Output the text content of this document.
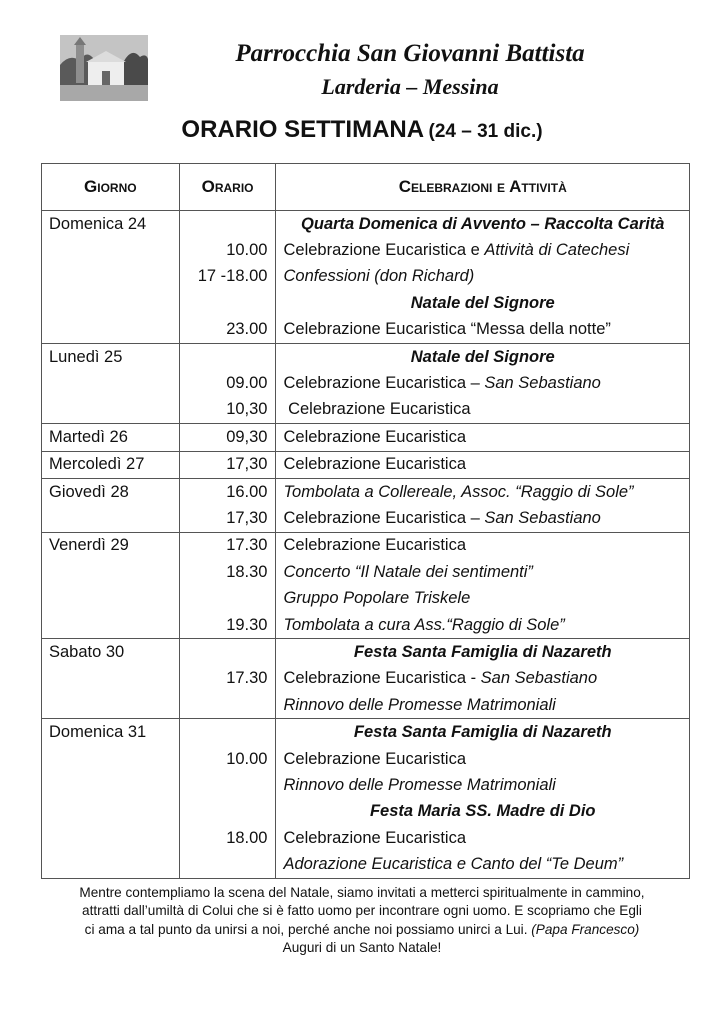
Parrocchia San Giovanni Battista
Larderia – Messina
ORARIO SETTIMANA (24 – 31 dic.)
Giorno	Orario	Celebrazioni e Attività
Domenica 24		Quarta Domenica di Avvento – Raccolta Carità
	10.00	Celebrazione Eucaristica e Attività di Catechesi
	17 -18.00	Confessioni (don Richard)
		Natale del Signore
	23.00	Celebrazione Eucaristica “Messa della notte”
Lunedì 25		Natale del Signore
	09.00	Celebrazione Eucaristica – San Sebastiano
	10,30	Celebrazione Eucaristica
Martedì 26	09,30	Celebrazione Eucaristica
Mercoledì 27	17,30	Celebrazione Eucaristica
Giovedì 28	16.00	Tombolata a Collereale, Assoc. “Raggio di Sole”
	17,30	Celebrazione Eucaristica – San Sebastiano
Venerdì 29	17.30	Celebrazione Eucaristica
	18.30	Concerto “Il Natale dei sentimenti”
		Gruppo Popolare Triskele
	19.30	Tombolata a cura Ass.“Raggio di Sole”
Sabato 30		Festa Santa Famiglia di Nazareth
	17.30	Celebrazione Eucaristica - San Sebastiano
		Rinnovo delle Promesse Matrimoniali
Domenica 31		Festa Santa Famiglia di Nazareth
	10.00	Celebrazione Eucaristica
		Rinnovo delle Promesse Matrimoniali
		Festa Maria SS. Madre di Dio
	18.00	Celebrazione Eucaristica
		Adorazione Eucaristica e Canto del “Te Deum”
Mentre contempliamo la scena del Natale, siamo invitati a metterci spiritualmente in cammino,
attratti dall’umiltà di Colui che si è fatto uomo per incontrare ogni uomo. E scopriamo che Egli
ci ama a tal punto da unirsi a noi, perché anche noi possiamo unirci a Lui. (Papa Francesco)
Auguri di un Santo Natale!
